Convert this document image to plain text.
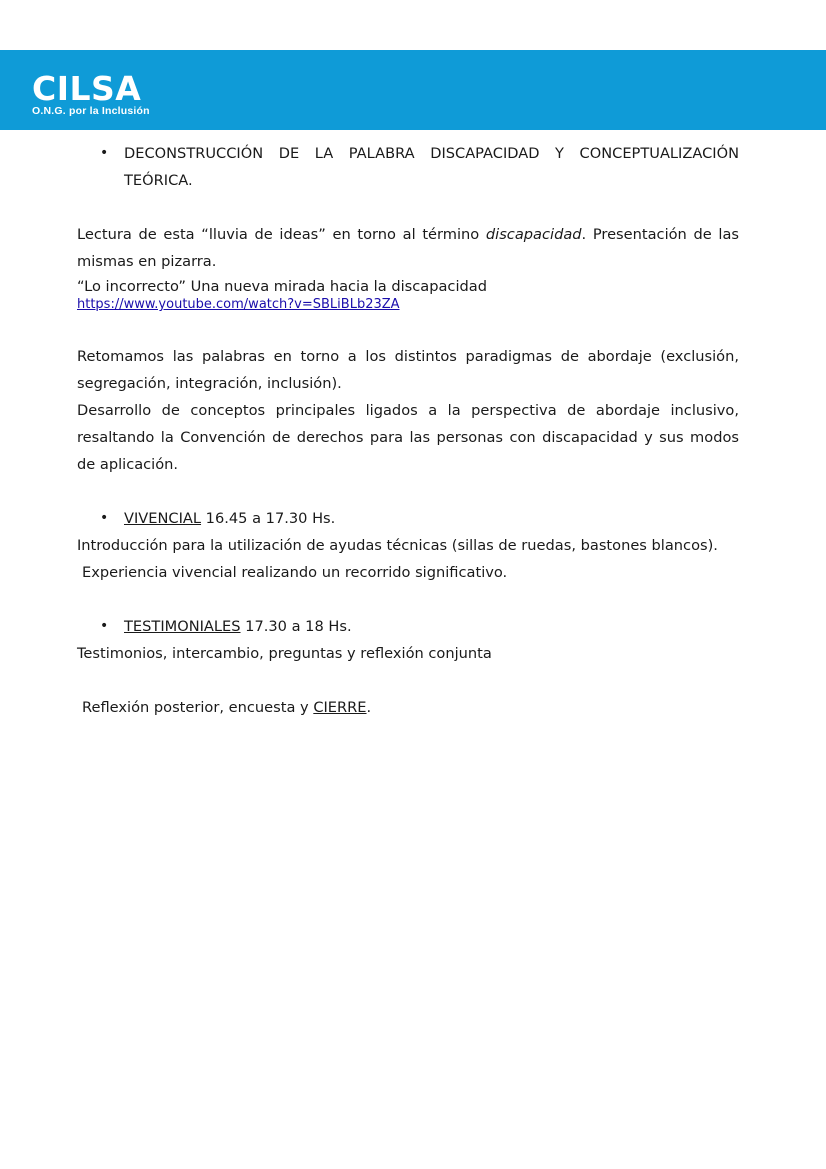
CILSA
O.N.G. por la Inclusión
• DECONSTRUCCIÓN DE LA PALABRA DISCAPACIDAD Y CONCEPTUALIZACIÓN TEÓRICA.

Lectura de esta “lluvia de ideas” en torno al término discapacidad. Presentación de las mismas en pizarra.

“Lo incorrecto” Una nueva mirada hacia la discapacidad

https://www.youtube.com/watch?v=SBLiBLb23ZA

Retomamos las palabras en torno a los distintos paradigmas de abordaje (exclusión, segregación, integración, inclusión).

Desarrollo de conceptos principales ligados a la perspectiva de abordaje inclusivo, resaltando la Convención de derechos para las personas con discapacidad y sus modos de aplicación.

• VIVENCIAL 16.45 a 17.30 Hs.

Introducción para la utilización de ayudas técnicas (sillas de ruedas, bastones blancos).

Experiencia vivencial realizando un recorrido significativo.

• TESTIMONIALES 17.30 a 18 Hs.

Testimonios, intercambio, preguntas y reflexión conjunta

Reflexión posterior, encuesta y CIERRE.
